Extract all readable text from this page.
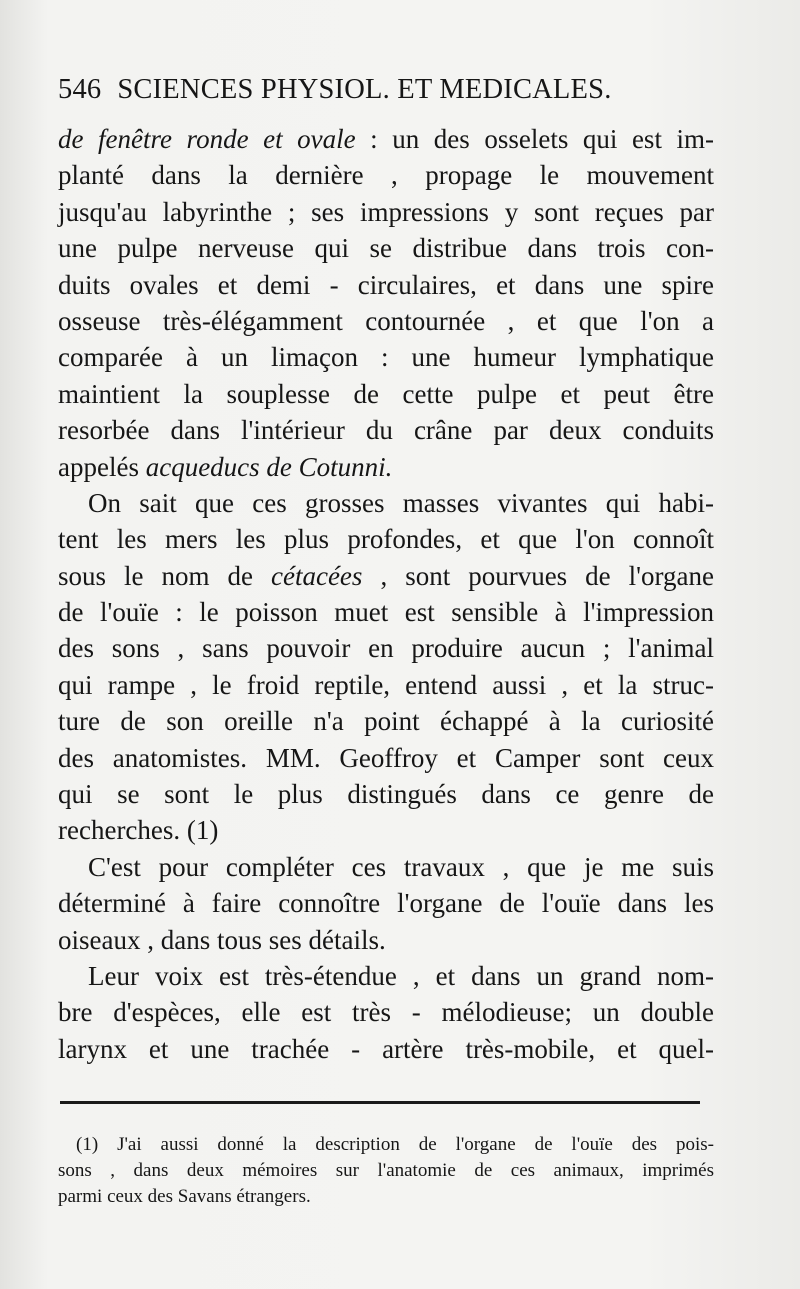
546 SCIENCES PHYSIOL. ET MEDICALES.
de fenêtre ronde et ovale : un des osselets qui est im-
planté dans la dernière , propage le mouvement
jusqu'au labyrinthe ; ses impressions y sont reçues par
une pulpe nerveuse qui se distribue dans trois con-
duits ovales et demi - circulaires, et dans une spire
osseuse très-élégamment contournée , et que l'on a
comparée à un limaçon : une humeur lymphatique
maintient la souplesse de cette pulpe et peut être
resorbée dans l'intérieur du crâne par deux conduits
appelés acqueducs de Cotunni.
On sait que ces grosses masses vivantes qui habi-
tent les mers les plus profondes, et que l'on connoît
sous le nom de cétacées , sont pourvues de l'organe
de l'ouïe : le poisson muet est sensible à l'impression
des sons , sans pouvoir en produire aucun ; l'animal
qui rampe , le froid reptile, entend aussi , et la struc-
ture de son oreille n'a point échappé à la curiosité
des anatomistes. MM. Geoffroy et Camper sont ceux
qui se sont le plus distingués dans ce genre de
recherches. (1)
C'est pour compléter ces travaux , que je me suis
déterminé à faire connoître l'organe de l'ouïe dans les
oiseaux , dans tous ses détails.
Leur voix est très-étendue , et dans un grand nom-
bre d'espèces, elle est très - mélodieuse; un double
larynx et une trachée - artère très-mobile, et quel-
(1) J'ai aussi donné la description de l'organe de l'ouïe des pois-
sons , dans deux mémoires sur l'anatomie de ces animaux, imprimés
parmi ceux des Savans étrangers.
